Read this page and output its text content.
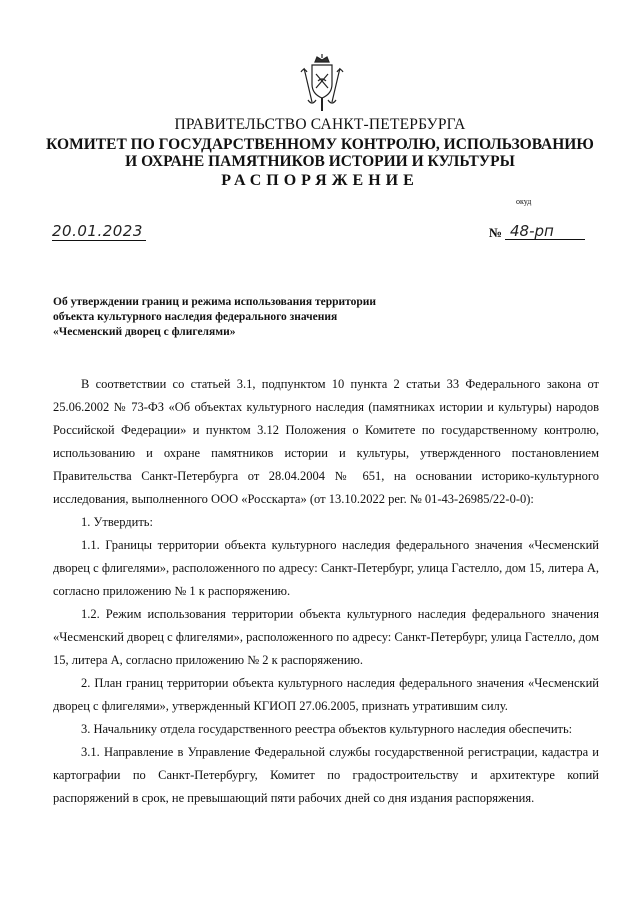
ПРАВИТЕЛЬСТВО САНКТ-ПЕТЕРБУРГА
КОМИТЕТ ПО ГОСУДАРСТВЕННОМУ КОНТРОЛЮ, ИСПОЛЬЗОВАНИЮ
И ОХРАНЕ ПАМЯТНИКОВ ИСТОРИИ И КУЛЬТУРЫ
РАСПОРЯЖЕНИЕ
окуд
20.01.2023	№ 48-рп
Об утверждении границ и режима использования территории
объекта культурного наследия федерального значения
«Чесменский дворец с флигелями»

В соответствии со статьей 3.1, подпунктом 10 пункта 2 статьи 33 Федерального закона от 25.06.2002 № 73-ФЗ «Об объектах культурного наследия (памятниках истории и культуры) народов Российской Федерации» и пунктом 3.12 Положения о Комитете по государственному контролю, использованию и охране памятников истории и культуры, утвержденного постановлением Правительства Санкт-Петербурга от 28.04.2004 № 651, на основании историко-культурного исследования, выполненного ООО «Росскарта» (от 13.10.2022 рег. № 01-43-26985/22-0-0):

1. Утвердить:

1.1. Границы территории объекта культурного наследия федерального значения «Чесменский дворец с флигелями», расположенного по адресу: Санкт-Петербург, улица Гастелло, дом 15, литера А, согласно приложению № 1 к распоряжению.

1.2. Режим использования территории объекта культурного наследия федерального значения «Чесменский дворец с флигелями», расположенного по адресу: Санкт-Петербург, улица Гастелло, дом 15, литера А, согласно приложению № 2 к распоряжению.

2. План границ территории объекта культурного наследия федерального значения «Чесменский дворец с флигелями», утвержденный КГИОП 27.06.2005, признать утратившим силу.

3. Начальнику отдела государственного реестра объектов культурного наследия обеспечить:

3.1. Направление в Управление Федеральной службы государственной регистрации, кадастра и картографии по Санкт-Петербургу, Комитет по градостроительству и архитектуре копий распоряжений в срок, не превышающий пяти рабочих дней со дня издания распоряжения.
